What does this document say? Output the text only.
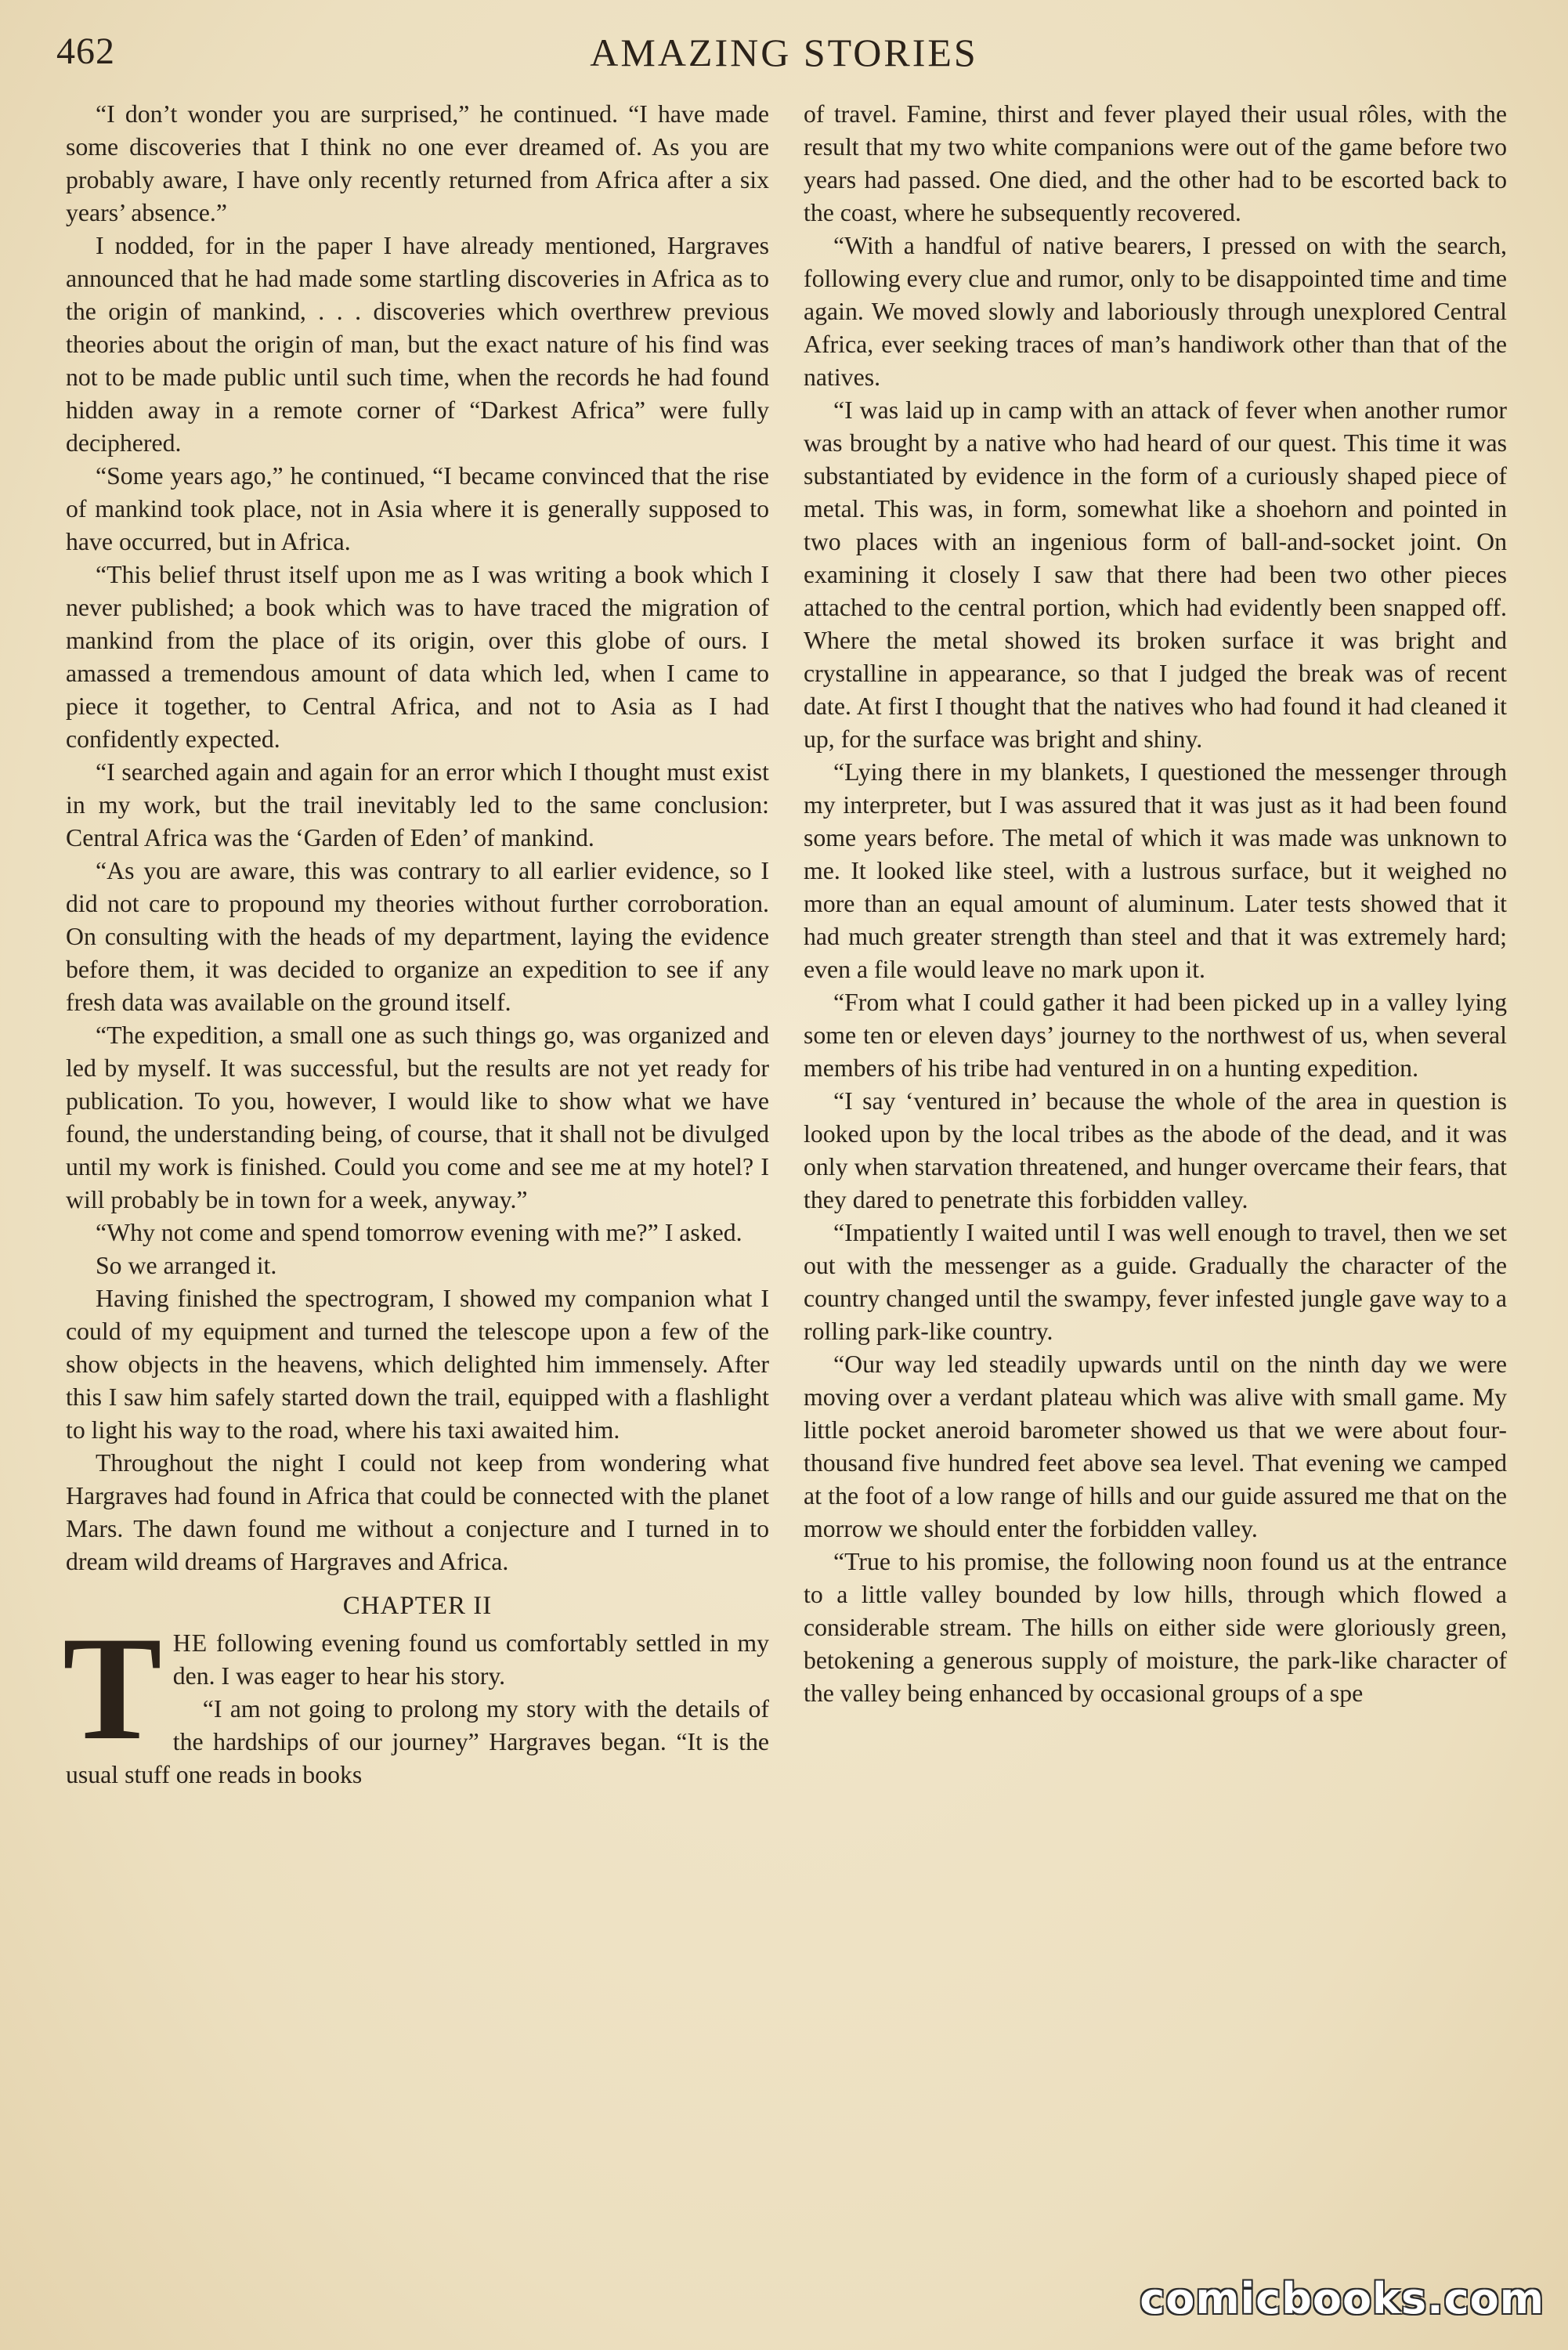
462	AMAZING STORIES

“I don’t wonder you are surprised,” he continued. “I have made some discoveries that I think no one ever dreamed of. As you are probably aware, I have only recently returned from Africa after a six years’ absence.”

I nodded, for in the paper I have already mentioned, Hargraves announced that he had made some startling discoveries in Africa as to the origin of mankind, . . . discoveries which overthrew previous theories about the origin of man, but the exact nature of his find was not to be made public until such time, when the records he had found hidden away in a remote corner of “Darkest Africa” were fully deciphered.

“Some years ago,” he continued, “I became convinced that the rise of mankind took place, not in Asia where it is generally supposed to have occurred, but in Africa.

“This belief thrust itself upon me as I was writing a book which I never published; a book which was to have traced the migration of mankind from the place of its origin, over this globe of ours. I amassed a tremendous amount of data which led, when I came to piece it together, to Central Africa, and not to Asia as I had confidently expected.

“I searched again and again for an error which I thought must exist in my work, but the trail inevitably led to the same conclusion: Central Africa was the ‘Garden of Eden’ of mankind.

“As you are aware, this was contrary to all earlier evidence, so I did not care to propound my theories without further corroboration. On consulting with the heads of my department, laying the evidence before them, it was decided to organize an expedition to see if any fresh data was available on the ground itself.

“The expedition, a small one as such things go, was organized and led by myself. It was successful, but the results are not yet ready for publication. To you, however, I would like to show what we have found, the understanding being, of course, that it shall not be divulged until my work is finished. Could you come and see me at my hotel? I will probably be in town for a week, anyway.”

“Why not come and spend tomorrow evening with me?” I asked.

So we arranged it.

Having finished the spectrogram, I showed my companion what I could of my equipment and turned the telescope upon a few of the show objects in the heavens, which delighted him immensely. After this I saw him safely started down the trail, equipped with a flashlight to light his way to the road, where his taxi awaited him.

Throughout the night I could not keep from wondering what Hargraves had found in Africa that could be connected with the planet Mars. The dawn found me without a conjecture and I turned in to dream wild dreams of Hargraves and Africa.

CHAPTER II

THE following evening found us comfortably settled in my den. I was eager to hear his story.

“I am not going to prolong my story with the details of the hardships of our journey” Hargraves began. “It is the usual stuff one reads in books

of travel. Famine, thirst and fever played their usual rôles, with the result that my two white companions were out of the game before two years had passed. One died, and the other had to be escorted back to the coast, where he subsequently recovered.

“With a handful of native bearers, I pressed on with the search, following every clue and rumor, only to be disappointed time and time again. We moved slowly and laboriously through unexplored Central Africa, ever seeking traces of man’s handiwork other than that of the natives.

“I was laid up in camp with an attack of fever when another rumor was brought by a native who had heard of our quest. This time it was substantiated by evidence in the form of a curiously shaped piece of metal. This was, in form, somewhat like a shoehorn and pointed in two places with an ingenious form of ball-and-socket joint. On examining it closely I saw that there had been two other pieces attached to the central portion, which had evidently been snapped off. Where the metal showed its broken surface it was bright and crystalline in appearance, so that I judged the break was of recent date. At first I thought that the natives who had found it had cleaned it up, for the surface was bright and shiny.

“Lying there in my blankets, I questioned the messenger through my interpreter, but I was assured that it was just as it had been found some years before. The metal of which it was made was unknown to me. It looked like steel, with a lustrous surface, but it weighed no more than an equal amount of aluminum. Later tests showed that it had much greater strength than steel and that it was extremely hard; even a file would leave no mark upon it.

“From what I could gather it had been picked up in a valley lying some ten or eleven days’ journey to the northwest of us, when several members of his tribe had ventured in on a hunting expedition.

“I say ‘ventured in’ because the whole of the area in question is looked upon by the local tribes as the abode of the dead, and it was only when starvation threatened, and hunger overcame their fears, that they dared to penetrate this forbidden valley.

“Impatiently I waited until I was well enough to travel, then we set out with the messenger as a guide. Gradually the character of the country changed until the swampy, fever infested jungle gave way to a rolling park-like country.

“Our way led steadily upwards until on the ninth day we were moving over a verdant plateau which was alive with small game. My little pocket aneroid barometer showed us that we were about four-thousand five hundred feet above sea level. That evening we camped at the foot of a low range of hills and our guide assured me that on the morrow we should enter the forbidden valley.

“True to his promise, the following noon found us at the entrance to a little valley bounded by low hills, through which flowed a considerable stream. The hills on either side were gloriously green, betokening a generous supply of moisture, the park-like character of the valley being enhanced by occasional groups of a spe

comicbooks.com
